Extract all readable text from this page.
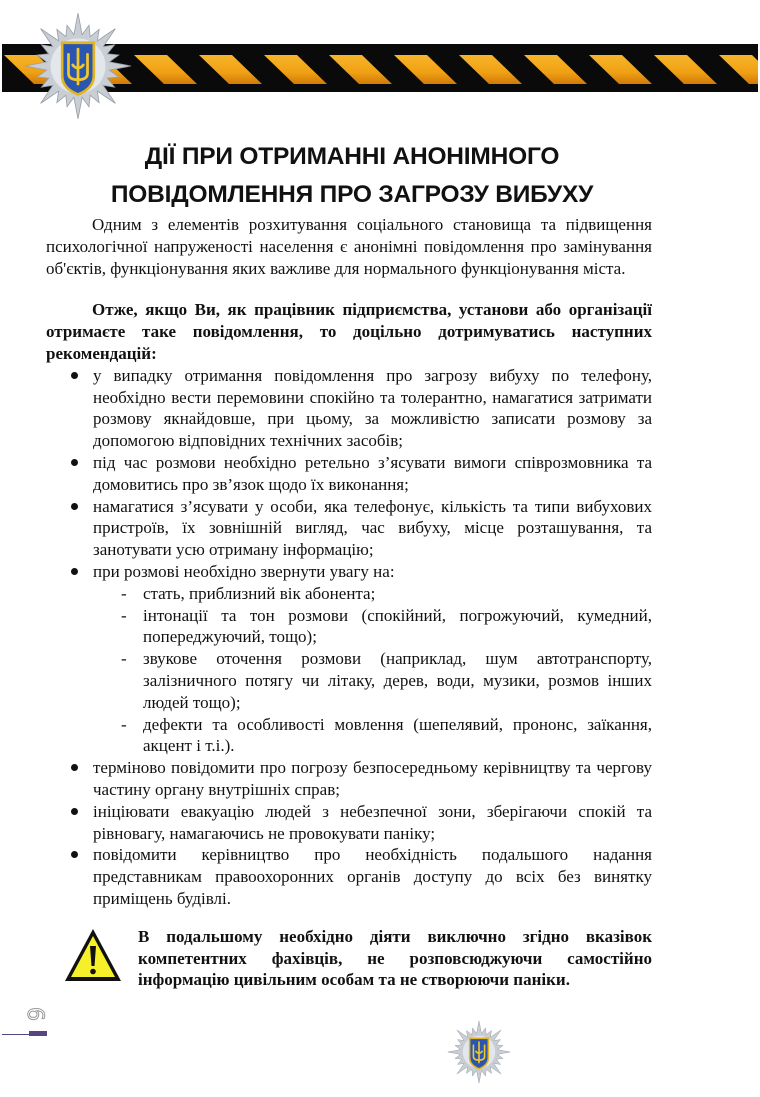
ДІЇ ПРИ ОТРИМАННІ АНОНІМНОГО
ПОВІДОМЛЕННЯ ПРО ЗАГРОЗУ ВИБУХУ

Одним з елементів розхитування соціального становища та підвищення психологічної напруженості населення є анонімні повідомлення про замінування об'єктів, функціонування яких важливе для нормального функціонування міста.

Отже, якщо Ви, як працівник підприємства, установи або організації отримаєте таке повідомлення, то доцільно дотримуватись наступних рекомендацій:

у випадку отримання повідомлення про загрозу вибуху по телефону, необхідно вести перемовини спокійно та толерантно, намагатися затримати розмову якнайдовше, при цьому, за можливістю записати розмову за допомогою відповідних технічних засобів;
під час розмови необхідно ретельно з’ясувати вимоги співрозмовника та домовитись про зв’язок щодо їх виконання;
намагатися з’ясувати у особи, яка телефонує, кількість та типи вибухових пристроїв, їх зовнішній вигляд, час вибуху, місце розташування, та занотувати усю отриману інформацію;
при розмові необхідно звернути увагу на:
- стать, приблизний вік абонента;
- інтонації та тон розмови (спокійний, погрожуючий, кумедний, попереджуючий, тощо);
- звукове оточення розмови (наприклад, шум автотранспорту, залізничного потягу чи літаку, дерев, води, музики, розмов інших людей тощо);
- дефекти та особливості мовлення (шепелявий, прононс, заїкання, акцент і т.і.).
терміново повідомити про погрозу безпосередньому керівництву та чергову частину органу внутрішніх справ;
ініціювати евакуацію людей з небезпечної зони, зберігаючи спокій та рівновагу, намагаючись не провокувати паніку;
повідомити керівництво про необхідність подальшого надання представникам правоохоронних органів доступу до всіх без винятку приміщень будівлі.
В подальшому необхідно діяти виключно згідно вказівок компетентних фахівців, не розповсюджуючи самостійно інформацію цивільним особам та не створюючи паніки.
6
